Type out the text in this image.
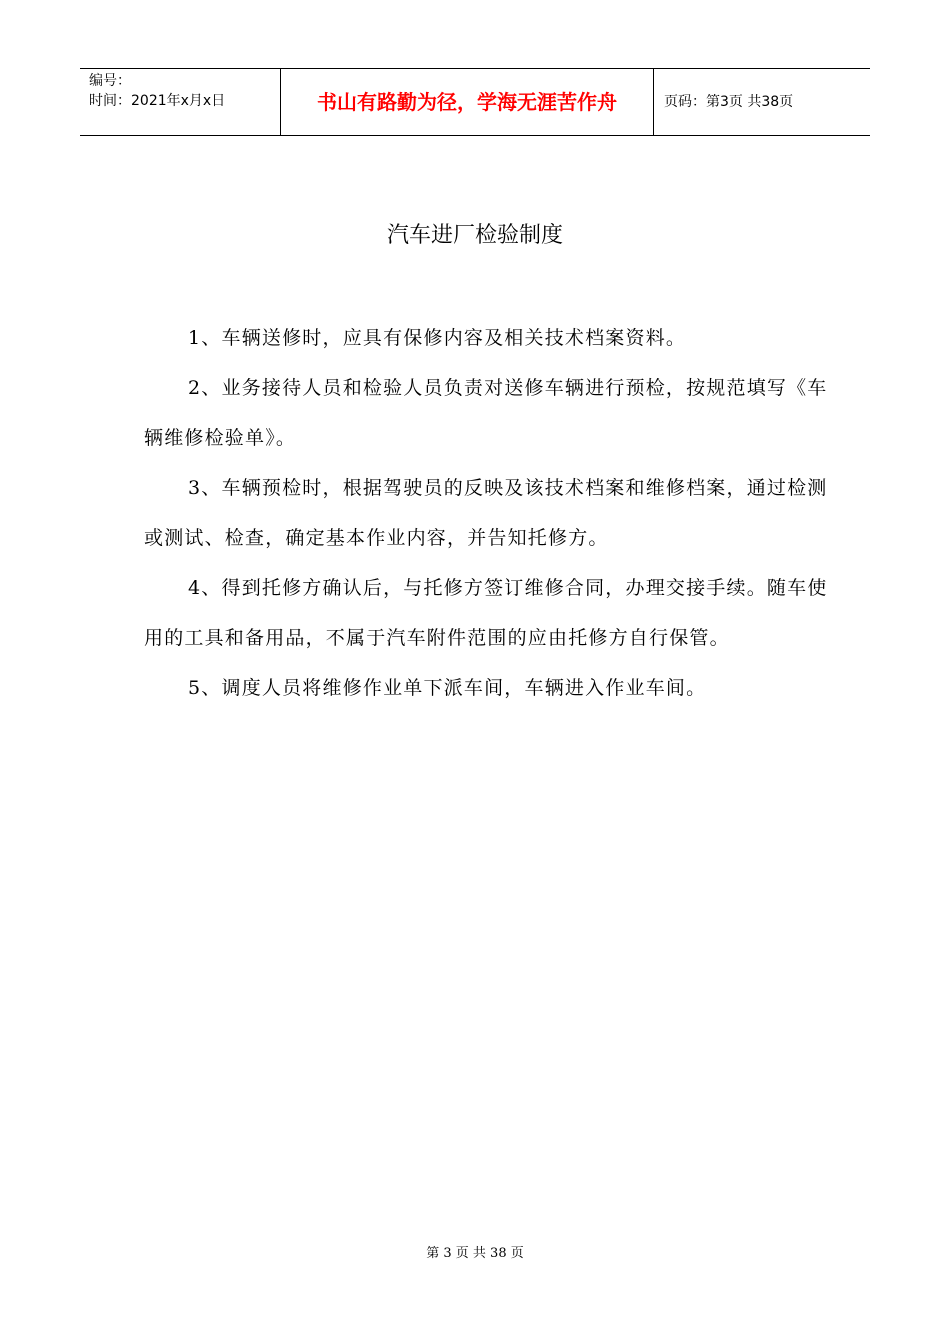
编号：
时间：2021年x月x日	书山有路勤为径，学海无涯苦作舟	页码：第3页 共38页
汽车进厂检验制度

1、车辆送修时，应具有保修内容及相关技术档案资料。

2、业务接待人员和检验人员负责对送修车辆进行预检，按规范填写《车辆维修检验单》。

3、车辆预检时，根据驾驶员的反映及该技术档案和维修档案，通过检测或测试、检查，确定基本作业内容，并告知托修方。

4、得到托修方确认后，与托修方签订维修合同，办理交接手续。随车使用的工具和备用品，不属于汽车附件范围的应由托修方自行保管。

5、调度人员将维修作业单下派车间，车辆进入作业车间。

第 3 页 共 38 页
